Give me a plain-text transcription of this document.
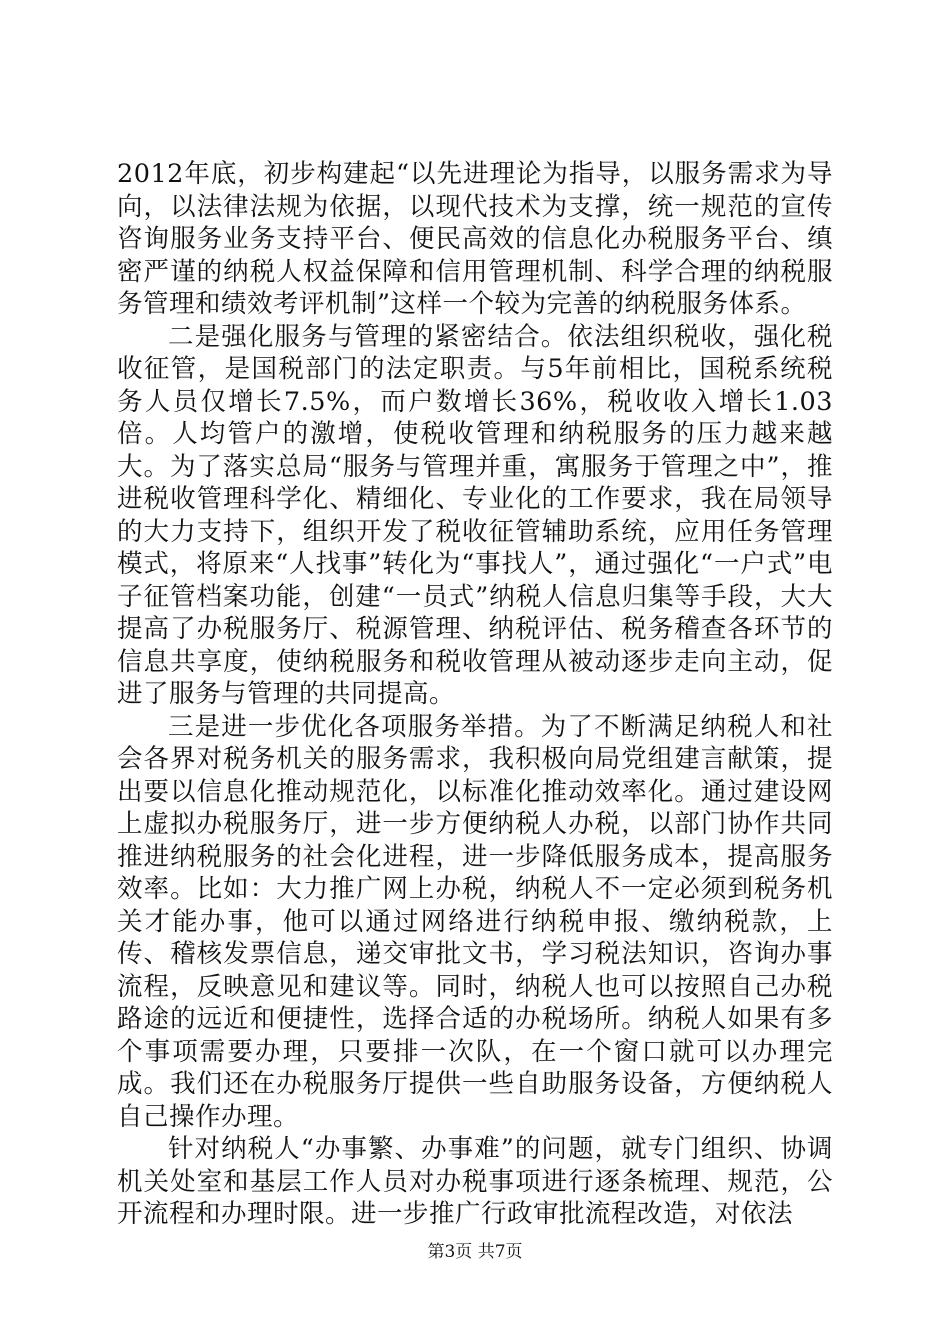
2012年底，初步构建起“以先进理论为指导，以服务需求为导向，以法律法规为依据，以现代技术为支撑，统一规范的宣传咨询服务业务支持平台、便民高效的信息化办税服务平台、缜密严谨的纳税人权益保障和信用管理机制、科学合理的纳税服务管理和绩效考评机制”这样一个较为完善的纳税服务体系。

二是强化服务与管理的紧密结合。依法组织税收，强化税收征管，是国税部门的法定职责。与5年前相比，国税系统税务人员仅增长7.5%，而户数增长36%，税收收入增长1.03倍。人均管户的激增，使税收管理和纳税服务的压力越来越大。为了落实总局“服务与管理并重，寓服务于管理之中”，推进税收管理科学化、精细化、专业化的工作要求，我在局领导的大力支持下，组织开发了税收征管辅助系统，应用任务管理模式，将原来“人找事”转化为“事找人”，通过强化“一户式”电子征管档案功能，创建“一员式”纳税人信息归集等手段，大大提高了办税服务厅、税源管理、纳税评估、税务稽查各环节的信息共享度，使纳税服务和税收管理从被动逐步走向主动，促进了服务与管理的共同提高。

三是进一步优化各项服务举措。为了不断满足纳税人和社会各界对税务机关的服务需求，我积极向局党组建言献策，提出要以信息化推动规范化，以标准化推动效率化。通过建设网上虚拟办税服务厅，进一步方便纳税人办税，以部门协作共同推进纳税服务的社会化进程，进一步降低服务成本，提高服务效率。比如：大力推广网上办税，纳税人不一定必须到税务机关才能办事，他可以通过网络进行纳税申报、缴纳税款，上传、稽核发票信息，递交审批文书，学习税法知识，咨询办事流程，反映意见和建议等。同时，纳税人也可以按照自己办税路途的远近和便捷性，选择合适的办税场所。纳税人如果有多个事项需要办理，只要排一次队，在一个窗口就可以办理完成。我们还在办税服务厅提供一些自助服务设备，方便纳税人自己操作办理。

针对纳税人“办事繁、办事难”的问题，就专门组织、协调机关处室和基层工作人员对办税事项进行逐条梳理、规范，公开流程和办理时限。进一步推广行政审批流程改造，对依法

第3页 共7页
